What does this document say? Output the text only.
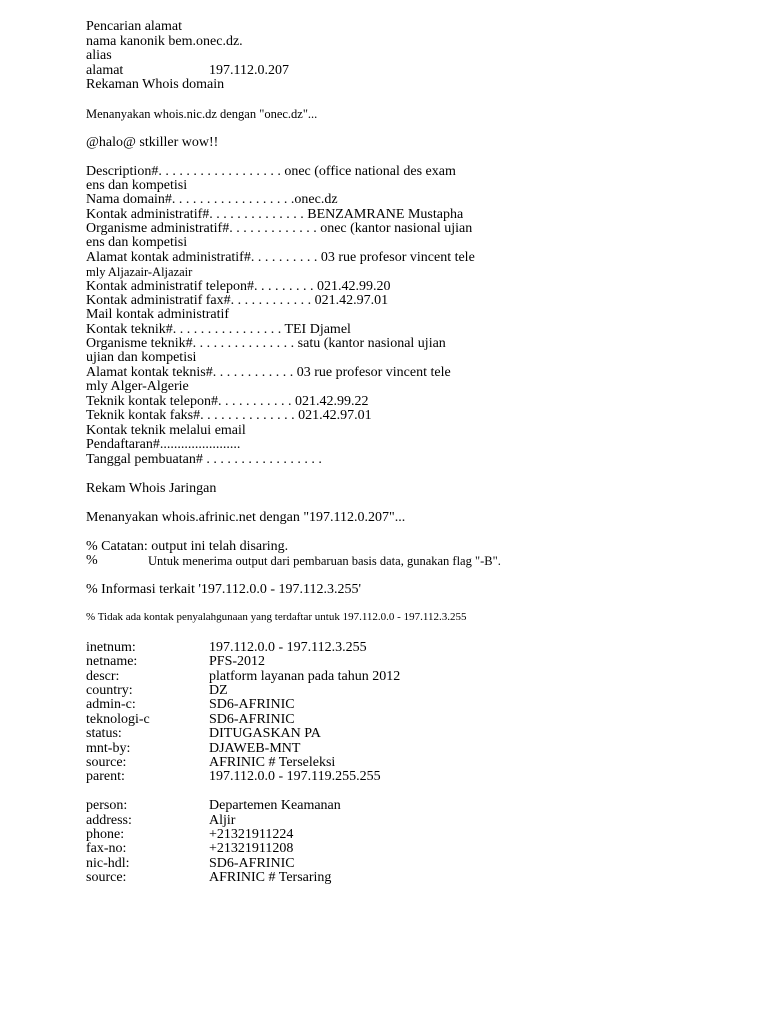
Pencarian alamat
nama kanonik bem.onec.dz.
alias
alamat	197.112.0.207
Rekaman Whois domain
Menanyakan whois.nic.dz dengan "onec.dz"...
@halo@ stkiller wow!!
Description#. . . . . . . . . . . . . . . . . . onec (office national des exam
ens dan kompetisi
Nama domain#. . . . . . . . . . . . . . . . . .onec.dz
Kontak administratif#. . . . . . . . . . . . . . BENZAMRANE Mustapha
Organisme administratif#. . . . . . . . . . . . . onec (kantor nasional ujian
ens dan kompetisi
Alamat kontak administratif#. . . . . . . . . . 03 rue profesor vincent tele
mly Aljazair-Aljazair
Kontak administratif telepon#. . . . . . . . . 021.42.99.20
Kontak administratif fax#. . . . . . . . . . . . 021.42.97.01
Mail kontak administratif
Kontak teknik#. . . . . . . . . . . . . . . . TEI Djamel
Organisme teknik#. . . . . . . . . . . . . . . satu (kantor nasional ujian
ujian dan kompetisi
Alamat kontak teknis#. . . . . . . . . . . . 03 rue profesor vincent tele
mly Alger-Algerie
Teknik kontak telepon#. . . . . . . . . . . 021.42.99.22
Teknik kontak faks#. . . . . . . . . . . . . . 021.42.97.01
Kontak teknik melalui email
Pendaftaran#.......................
Tanggal pembuatan# . . . . . . . . . . . . . . . . .
Rekam Whois Jaringan
Menanyakan whois.afrinic.net dengan "197.112.0.207"...
% Catatan: output ini telah disaring.
%	Untuk menerima output dari pembaruan basis data, gunakan flag "-B".
% Informasi terkait '197.112.0.0 - 197.112.3.255'
% Tidak ada kontak penyalahgunaan yang terdaftar untuk 197.112.0.0 - 197.112.3.255
inetnum:	197.112.0.0 - 197.112.3.255
netname:	PFS-2012
descr:	platform layanan pada tahun 2012
country:	DZ
admin-c:	SD6-AFRINIC
teknologi-c	SD6-AFRINIC
status:	DITUGASKAN PA
mnt-by:	DJAWEB-MNT
source:	AFRINIC # Terseleksi
parent:	197.112.0.0 - 197.119.255.255
person:	Departemen Keamanan
address:	Aljir
phone:	+21321911224
fax-no:	+21321911208
nic-hdl:	SD6-AFRINIC
source:	AFRINIC # Tersaring
